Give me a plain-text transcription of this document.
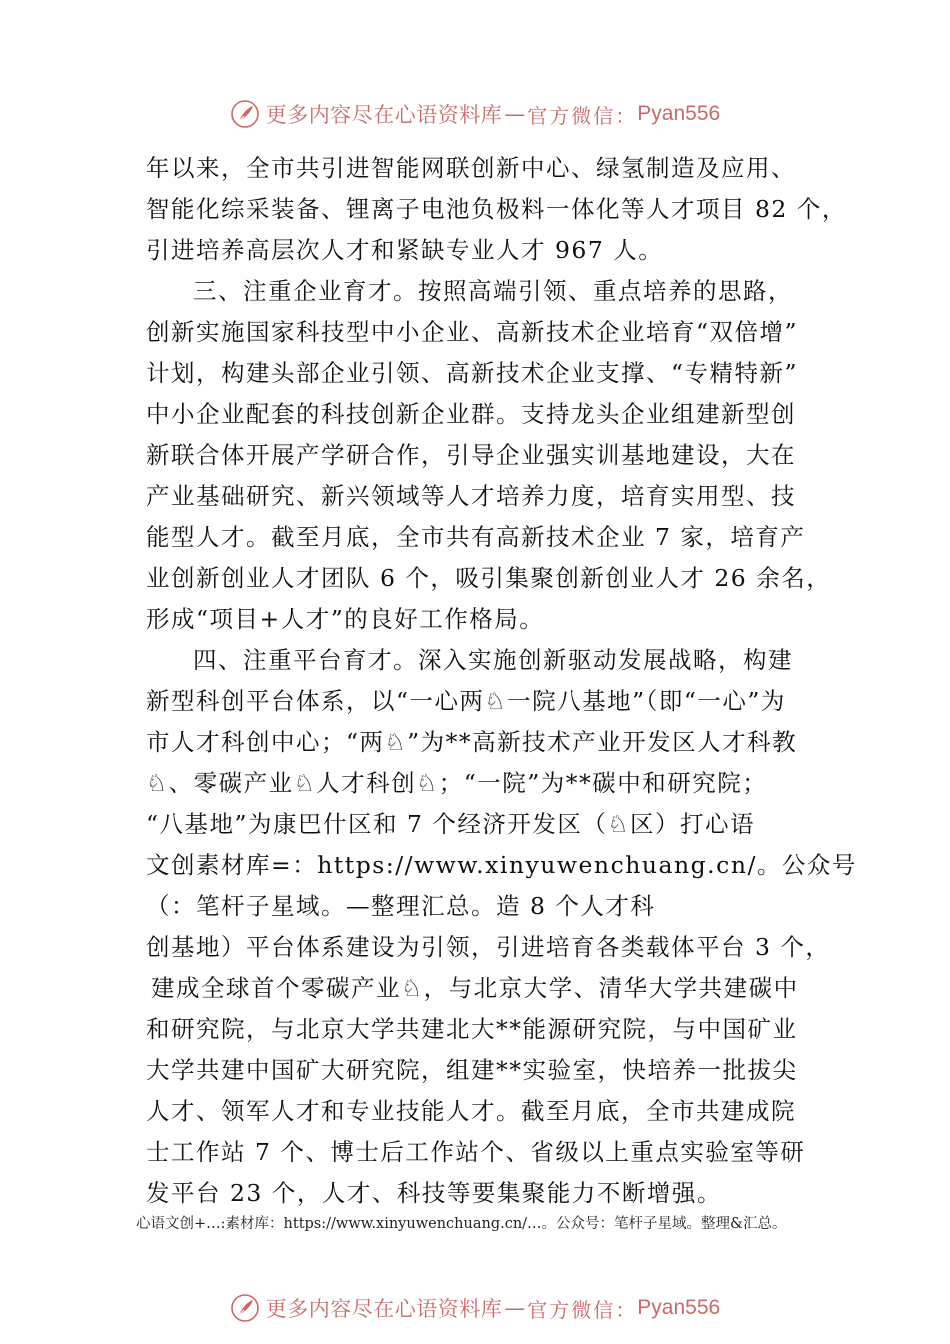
更多内容尽在心语资料库 — 官方微信： Pyan556
年以来，全市共引进智能网联创新中心、绿氢制造及应用、
智能化综采装备、锂离子电池负极料一体化等人才项目 82 个，
引进培养高层次人才和紧缺专业人才 967 人。
三、注重企业育才。按照高端引领、重点培养的思路，
创新实施国家科技型中小企业、高新技术企业培育“双倍增”
计划，构建头部企业引领、高新技术企业支撑、“专精特新”
中小企业配套的科技创新企业群。支持龙头企业组建新型创
新联合体开展产学研合作，引导企业强实训基地建设，大在
产业基础研究、新兴领域等人才培养力度，培育实用型、技
能型人才。截至月底，全市共有高新技术企业 7 家，培育产
业创新创业人才团队 6 个，吸引集聚创新创业人才 26 余名，
形成“项目+人才”的良好工作格局。
四、注重平台育才。深入实施创新驱动发展战略，构建
新型科创平台体系，以“一心两♘一院八基地”（即“一心”为
市人才科创中心；“两♘”为**高新技术产业开发区人才科教
♘、零碳产业♘人才科创♘；“一院”为**碳中和研究院；
“八基地”为康巴什区和 7 个经济开发区（♘区）打心语
文创素材库=：https://www.xinyuwenchuang.cn/。公众号
（：笔杆子星域。—整理汇总。造 8 个人才科
创基地）平台体系建设为引领，引进培育各类载体平台 3 个，
建成全球首个零碳产业♘，与北京大学、清华大学共建碳中
和研究院，与北京大学共建北大**能源研究院，与中国矿业
大学共建中国矿大研究院，组建**实验室，快培养一批拔尖
人才、领军人才和专业技能人才。截至月底，全市共建成院
士工作站 7 个、博士后工作站个、省级以上重点实验室等研
发平台 23 个，人才、科技等要集聚能力不断增强。
心语文创+…:素材库：https://www.xinyuwenchuang.cn/…。公众号：笔杆子星域。整理&汇总。
更多内容尽在心语资料库 — 官方微信： Pyan556
